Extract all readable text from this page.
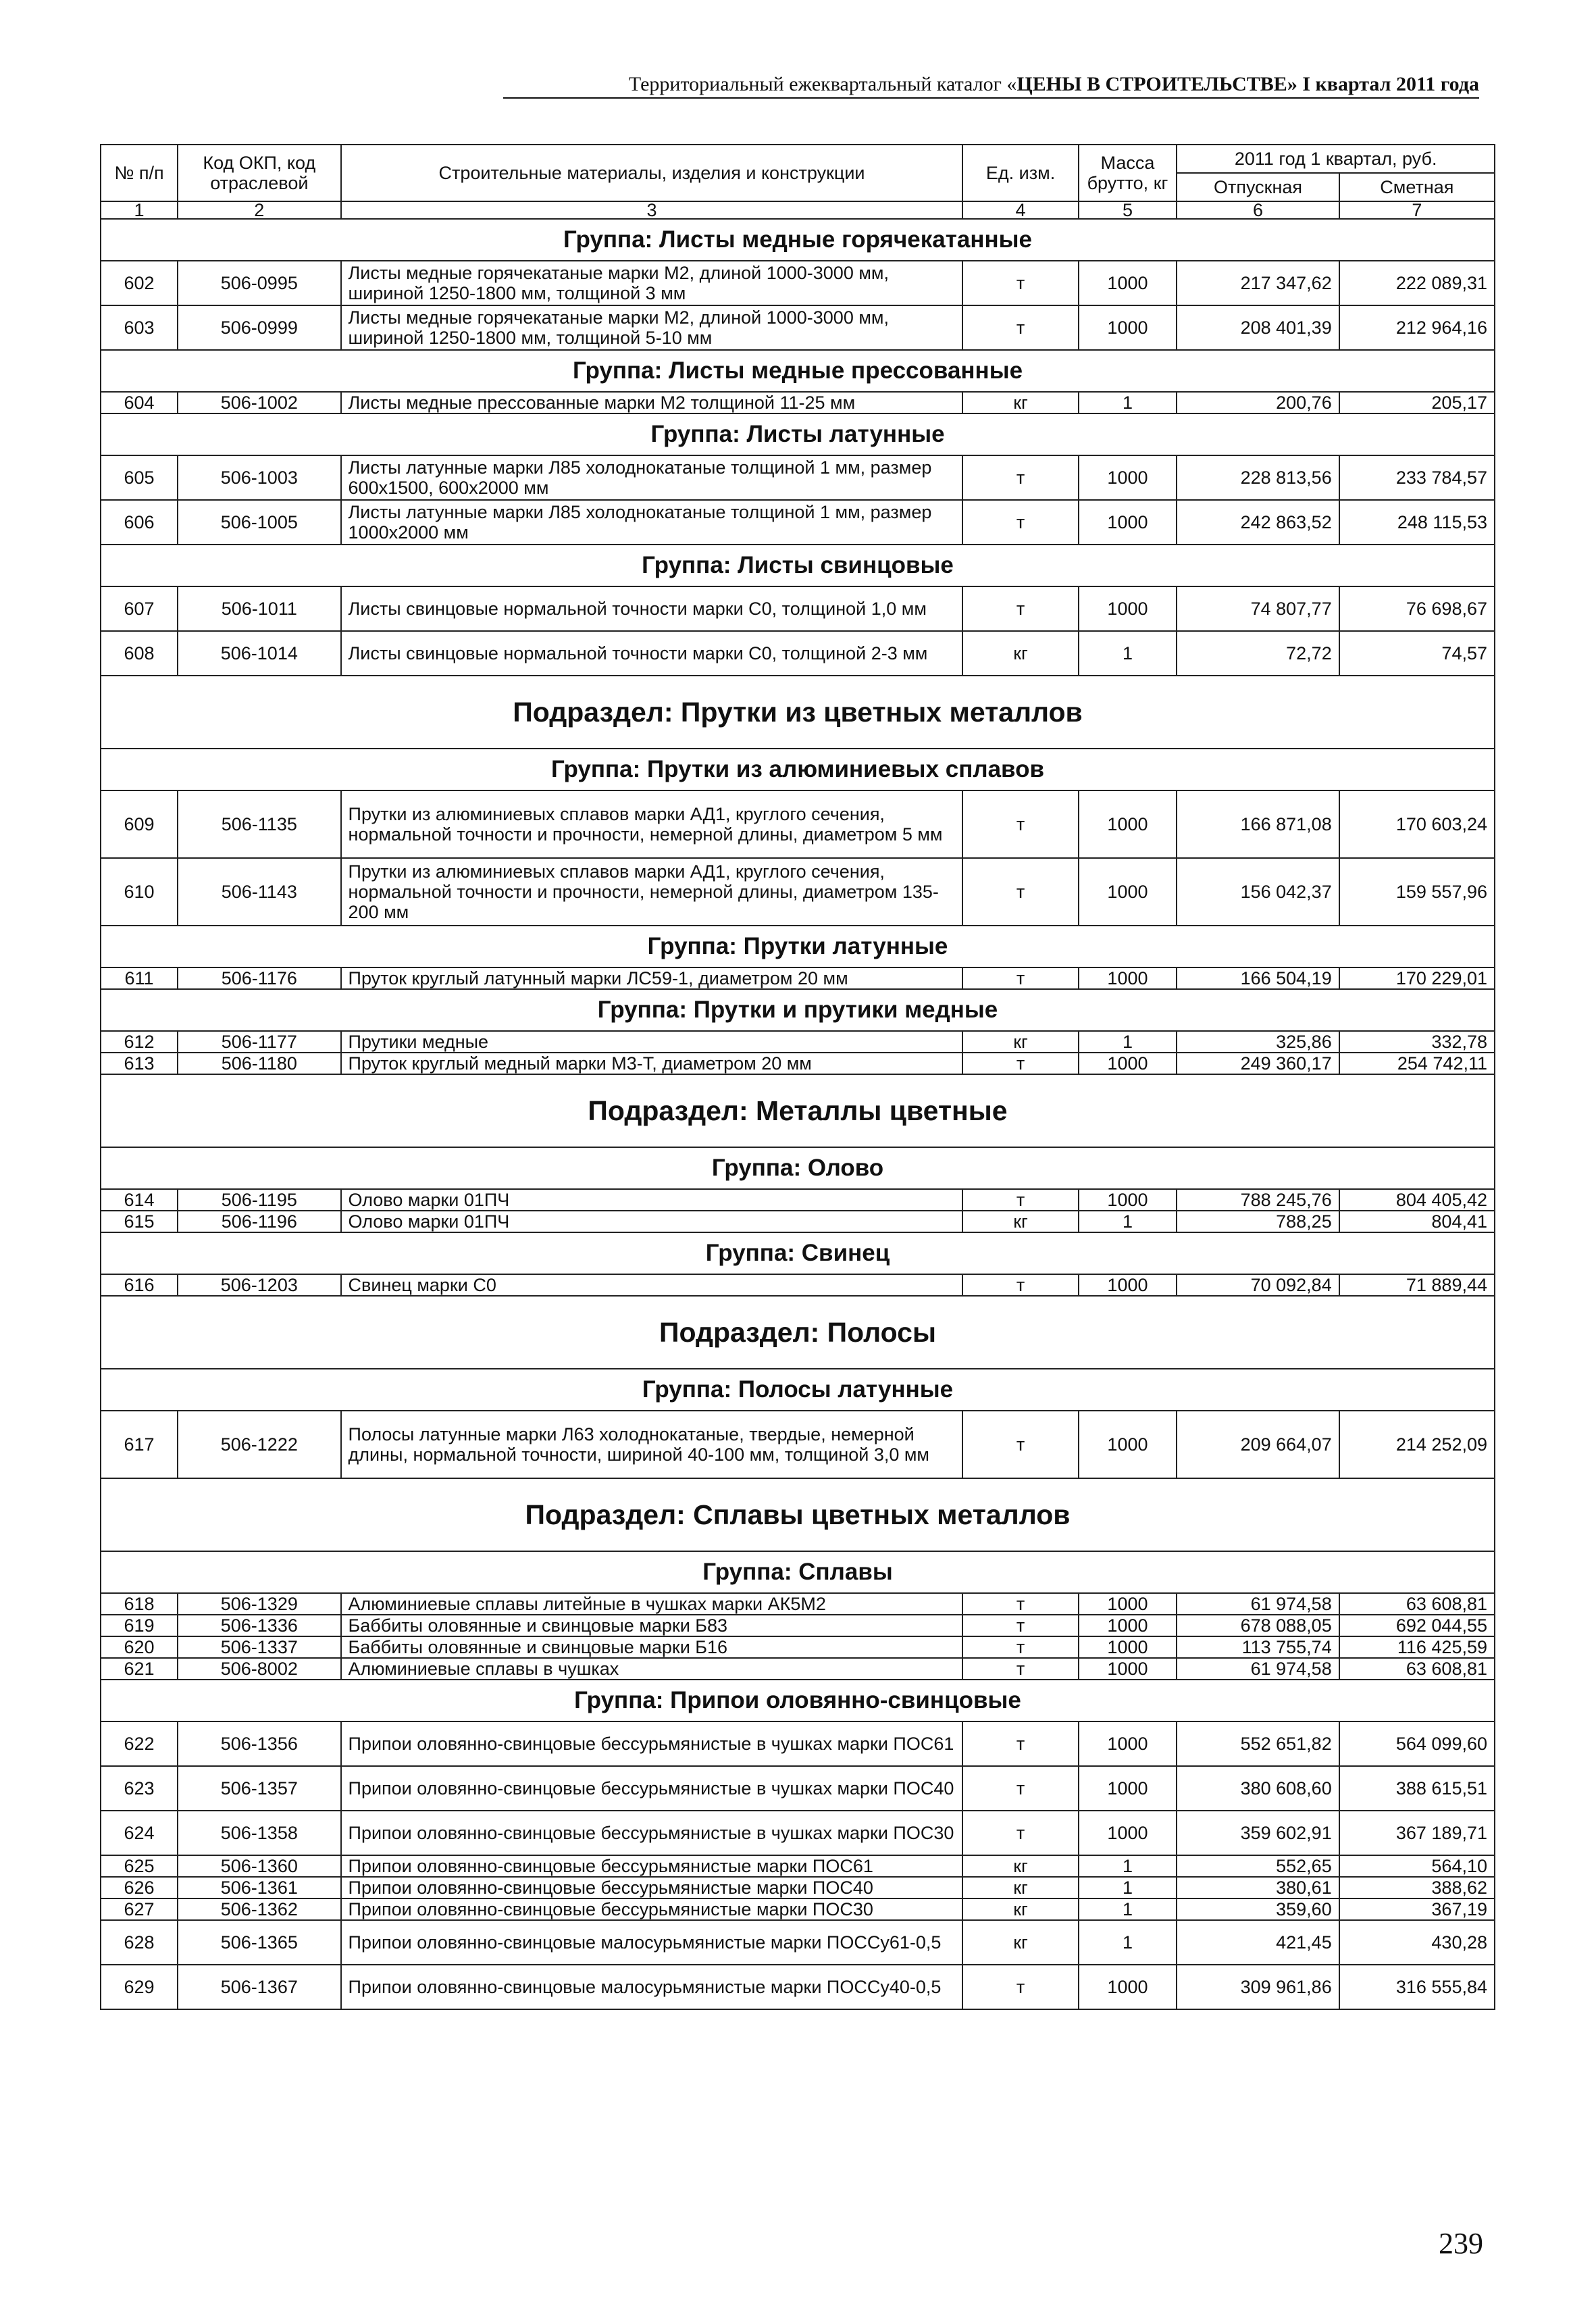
Территориальный ежеквартальный каталог «ЦЕНЫ В СТРОИТЕЛЬСТВЕ» I квартал 2011 года
№ п/п	Код ОКП, код отраслевой	Строительные материалы, изделия и конструкции	Ед. изм.	Масса брутто, кг	2011 год 1 квартал, руб.	
					Отпускная	Сметная
1	2	3	4	5	6	7
Группа: Листы медные горячекатанные						
602	506-0995	Листы медные горячекатаные марки М2, длиной 1000-3000 мм, шириной 1250-1800 мм, толщиной 3 мм	т	1000	217 347,62	222 089,31
603	506-0999	Листы медные горячекатаные марки М2, длиной 1000-3000 мм, шириной 1250-1800 мм, толщиной 5-10 мм	т	1000	208 401,39	212 964,16
Группа: Листы медные прессованные						
604	506-1002	Листы медные прессованные марки М2 толщиной 11-25 мм	кг	1	200,76	205,17
Группа: Листы латунные						
605	506-1003	Листы латунные марки Л85 холоднокатаные толщиной 1 мм, размер 600х1500, 600х2000 мм	т	1000	228 813,56	233 784,57
606	506-1005	Листы латунные марки Л85 холоднокатаные толщиной 1 мм, размер 1000х2000 мм	т	1000	242 863,52	248 115,53
Группа: Листы свинцовые						
607	506-1011	Листы свинцовые нормальной точности марки С0, толщиной 1,0 мм	т	1000	74 807,77	76 698,67
608	506-1014	Листы свинцовые нормальной точности марки С0, толщиной 2-3 мм	кг	1	72,72	74,57
Подраздел: Прутки из цветных металлов						
Группа: Прутки из алюминиевых сплавов						
609	506-1135	Прутки из алюминиевых сплавов марки АД1, круглого сечения, нормальной точности и прочности, немерной длины, диаметром 5 мм	т	1000	166 871,08	170 603,24
610	506-1143	Прутки из алюминиевых сплавов марки АД1, круглого сечения, нормальной точности и прочности, немерной длины, диаметром 135-200 мм	т	1000	156 042,37	159 557,96
Группа: Прутки латунные						
611	506-1176	Пруток круглый латунный марки ЛС59-1, диаметром 20 мм	т	1000	166 504,19	170 229,01
Группа: Прутки и прутики медные						
612	506-1177	Прутики медные	кг	1	325,86	332,78
613	506-1180	Пруток круглый медный марки М3-Т, диаметром 20 мм	т	1000	249 360,17	254 742,11
Подраздел: Металлы цветные						
Группа: Олово						
614	506-1195	Олово марки 01ПЧ	т	1000	788 245,76	804 405,42
615	506-1196	Олово марки 01ПЧ	кг	1	788,25	804,41
Группа: Свинец						
616	506-1203	Свинец марки С0	т	1000	70 092,84	71 889,44
Подраздел: Полосы						
Группа: Полосы латунные						
617	506-1222	Полосы латунные марки Л63 холоднокатаные, твердые, немерной длины, нормальной точности, шириной 40-100 мм, толщиной 3,0 мм	т	1000	209 664,07	214 252,09
Подраздел: Сплавы цветных металлов						
Группа: Сплавы						
618	506-1329	Алюминиевые сплавы литейные в чушках марки АК5М2	т	1000	61 974,58	63 608,81
619	506-1336	Баббиты оловянные и свинцовые марки Б83	т	1000	678 088,05	692 044,55
620	506-1337	Баббиты оловянные и свинцовые марки Б16	т	1000	113 755,74	116 425,59
621	506-8002	Алюминиевые сплавы в чушках	т	1000	61 974,58	63 608,81
Группа: Припои оловянно-свинцовые						
622	506-1356	Припои оловянно-свинцовые бессурьмянистые в чушках марки ПОС61	т	1000	552 651,82	564 099,60
623	506-1357	Припои оловянно-свинцовые бессурьмянистые в чушках марки ПОС40	т	1000	380 608,60	388 615,51
624	506-1358	Припои оловянно-свинцовые бессурьмянистые в чушках марки ПОС30	т	1000	359 602,91	367 189,71
625	506-1360	Припои оловянно-свинцовые бессурьмянистые марки ПОС61	кг	1	552,65	564,10
626	506-1361	Припои оловянно-свинцовые бессурьмянистые марки ПОС40	кг	1	380,61	388,62
627	506-1362	Припои оловянно-свинцовые бессурьмянистые марки ПОС30	кг	1	359,60	367,19
628	506-1365	Припои оловянно-свинцовые малосурьмянистые марки ПОССу61-0,5	кг	1	421,45	430,28
629	506-1367	Припои оловянно-свинцовые малосурьмянистые марки ПОССу40-0,5	т	1000	309 961,86	316 555,84
239
